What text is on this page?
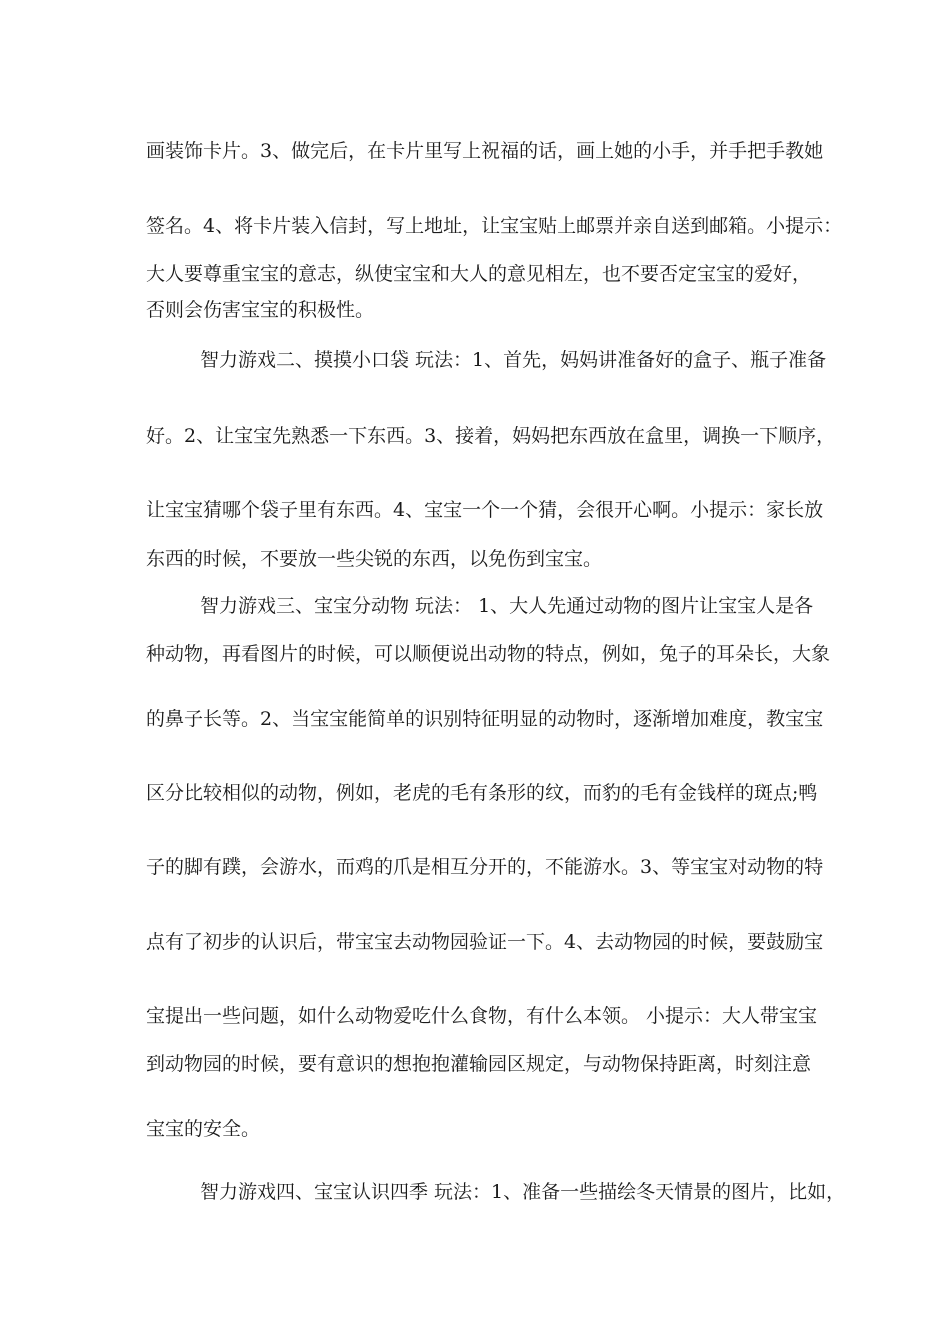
画装饰卡片。3、做完后，在卡片里写上祝福的话，画上她的小手，并手把手教她
签名。4、将卡片装入信封，写上地址，让宝宝贴上邮票并亲自送到邮箱。小提示：
大人要尊重宝宝的意志，纵使宝宝和大人的意见相左，也不要否定宝宝的爱好，
否则会伤害宝宝的积极性。
智力游戏二、摸摸小口袋 玩法：1、首先，妈妈讲准备好的盒子、瓶子准备
好。2、让宝宝先熟悉一下东西。3、接着，妈妈把东西放在盒里，调换一下顺序，
让宝宝猜哪个袋子里有东西。4、宝宝一个一个猜，会很开心啊。小提示：家长放
东西的时候，不要放一些尖锐的东西，以免伤到宝宝。
智力游戏三、宝宝分动物 玩法： 1、大人先通过动物的图片让宝宝人是各
种动物，再看图片的时候，可以顺便说出动物的特点，例如，兔子的耳朵长，大象
的鼻子长等。2、当宝宝能简单的识别特征明显的动物时，逐渐增加难度，教宝宝
区分比较相似的动物，例如，老虎的毛有条形的纹，而豹的毛有金钱样的斑点;鸭
子的脚有蹼，会游水，而鸡的爪是相互分开的，不能游水。3、等宝宝对动物的特
点有了初步的认识后，带宝宝去动物园验证一下。4、去动物园的时候，要鼓励宝
宝提出一些问题，如什么动物爱吃什么食物，有什么本领。 小提示：大人带宝宝
到动物园的时候，要有意识的想抱抱灌输园区规定，与动物保持距离，时刻注意
宝宝的安全。
智力游戏四、宝宝认识四季 玩法：1、准备一些描绘冬天情景的图片，比如，
